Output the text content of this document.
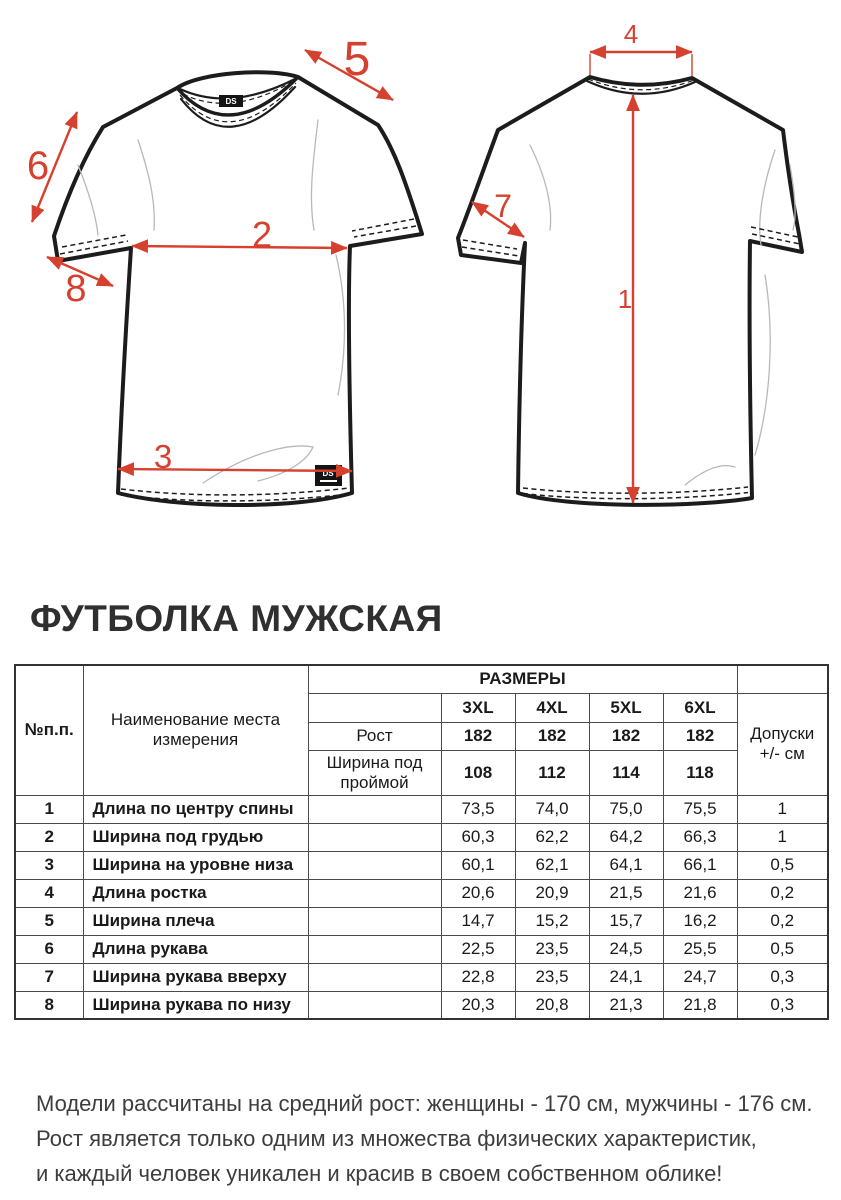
DS
DS
5
6
2
8
3
4
1
7
ФУТБОЛКА МУЖСКАЯ
№п.п.	Наименование места измерения	РАЗМЕРЫ					
			3XL	4XL	5XL	6XL	Допуски
+/- см

		Рост	182	182	182	182	
		Ширина под проймой	108	112	114	118	
1	Длина по центру спины		73,5	74,0	75,0	75,5	1
2	Ширина под грудью		60,3	62,2	64,2	66,3	1
3	Ширина на уровне низа		60,1	62,1	64,1	66,1	0,5
4	Длина ростка		20,6	20,9	21,5	21,6	0,2
5	Ширина плеча		14,7	15,2	15,7	16,2	0,2
6	Длина рукава		22,5	23,5	24,5	25,5	0,5
7	Ширина рукава вверху		22,8	23,5	24,1	24,7	0,3
8	Ширина рукава по низу		20,3	20,8	21,3	21,8	0,3
Модели рассчитаны на средний рост: женщины - 170 см, мужчины - 176 см.
Рост является только одним из множества физических характеристик,
и каждый человек уникален и красив в своем собственном облике!
